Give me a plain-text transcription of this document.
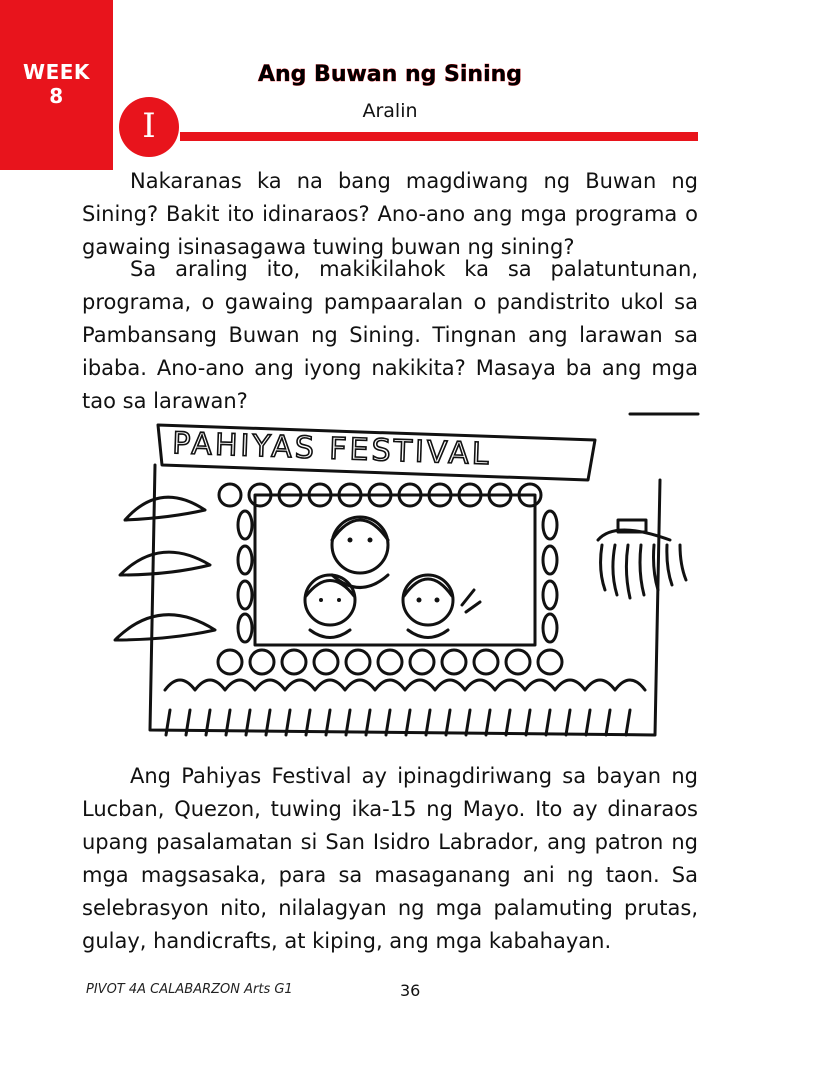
WEEK
8
Ang Buwan ng Sining
Aralin
I

Nakaranas ka na bang magdiwang ng Buwan ng Sining? Bakit ito idinaraos? Ano-ano ang mga programa o gawaing isinasagawa tuwing buwan ng sining?

Sa araling ito, makikilahok ka sa palatuntunan, programa, o gawaing pampaaralan o pandistrito ukol sa Pambansang Buwan ng Sining. Tingnan ang larawan sa ibaba. Ano-ano ang iyong nakikita? Masaya ba ang mga tao sa larawan?

PAHIYAS FESTIVAL

Ang Pahiyas Festival ay ipinagdiriwang sa bayan ng Lucban, Quezon, tuwing ika-15 ng Mayo. Ito ay dinaraos upang pasalamatan si San Isidro Labrador, ang patron ng mga magsasaka, para sa masaganang ani ng taon. Sa selebrasyon nito, nilalagyan ng mga palamuting prutas, gulay, handicrafts, at kiping, ang mga kabahayan.

PIVOT 4A CALABARZON Arts G1	36
